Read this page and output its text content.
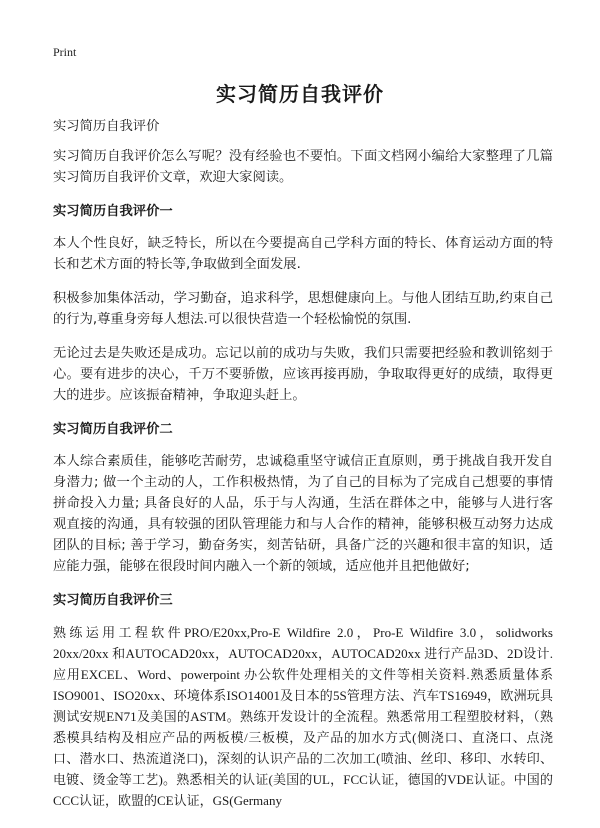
Print
实习简历自我评价

实习简历自我评价

实习简历自我评价怎么写呢？没有经验也不要怕。下面文档网小编给大家整理了几篇实习简历自我评价文章，欢迎大家阅读。

实习简历自我评价一

本人个性良好，缺乏特长，所以在今要提高自己学科方面的特长、体育运动方面的特长和艺术方面的特长等,争取做到全面发展.

积极参加集体活动，学习勤奋，追求科学，思想健康向上。与他人团结互助,约束自己的行为,尊重身旁每人想法.可以很快营造一个轻松愉悦的氛围.

无论过去是失败还是成功。忘记以前的成功与失败，我们只需要把经验和教训铭刻于心。要有进步的决心，千万不要骄傲，应该再接再励，争取取得更好的成绩，取得更大的进步。应该振奋精神，争取迎头赶上。

实习简历自我评价二

本人综合素质佳，能够吃苦耐劳，忠诚稳重坚守诚信正直原则，勇于挑战自我开发自身潜力; 做一个主动的人，工作积极热情，为了自己的目标为了完成自己想要的事情拼命投入力量; 具备良好的人品，乐于与人沟通，生活在群体之中，能够与人进行客观直接的沟通，具有较强的团队管理能力和与人合作的精神，能够积极互动努力达成团队的目标; 善于学习，勤奋务实，刻苦钻研，具备广泛的兴趣和很丰富的知识，适应能力强，能够在很段时间内融入一个新的领域，适应他并且把他做好;

实习简历自我评价三

熟练运用工程软件PRO/E20xx,Pro-E Wildfire 2.0，Pro-E Wildfire 3.0，solidworks 20xx/20xx 和AUTOCAD20xx，AUTOCAD20xx，AUTOCAD20xx 进行产品3D、2D设计.应用EXCEL、Word、powerpoint 办公软件处理相关的文件等相关资料.熟悉质量体系ISO9001、ISO20xx、环境体系ISO14001及日本的5S管理方法、汽车TS16949，欧洲玩具测试安规EN71及美国的ASTM。熟练开发设计的全流程。熟悉常用工程塑胶材料，（熟悉模具结构及相应产品的两板模/三板模，及产品的加水方式(侧浇口、直浇口、点浇口、潜水口、热流道浇口)，深刻的认识产品的二次加工(喷油、丝印、移印、水转印、电镀、烫金等工艺)。熟悉相关的认证(美国的UL，FCC认证，德国的VDE认证。中国的CCC认证，欧盟的CE认证，GS(Germany
